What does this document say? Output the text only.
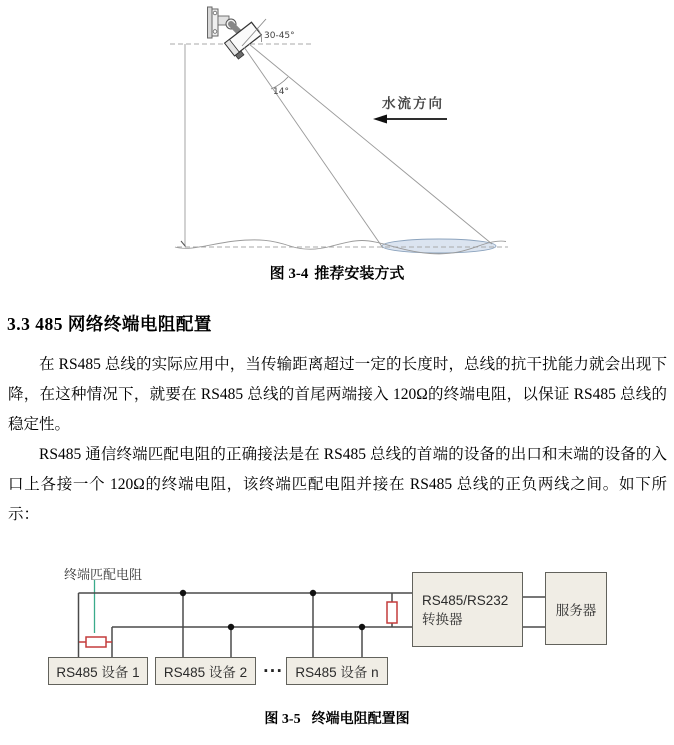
30-45°
14°
水流方向
图 3-4 推荐安装方式
3.3 485 网络终端电阻配置

在 RS485 总线的实际应用中，当传输距离超过一定的长度时，总线的抗干扰能力就会出现下降，在这种情况下，就要在 RS485 总线的首尾两端接入 120Ω的终端电阻，以保证 RS485 总线的稳定性。

RS485 通信终端匹配电阻的正确接法是在 RS485 总线的首端的设备的出口和末端的设备的入口上各接一个 120Ω的终端电阻，该终端匹配电阻并接在 RS485 总线的正负两线之间。如下所示：

终端匹配电阻
RS485 设备 1	RS485 设备 2	··· RS485 设备 n
RS485/RS232
转换器
服务器
图 3-5 终端电阻配置图
